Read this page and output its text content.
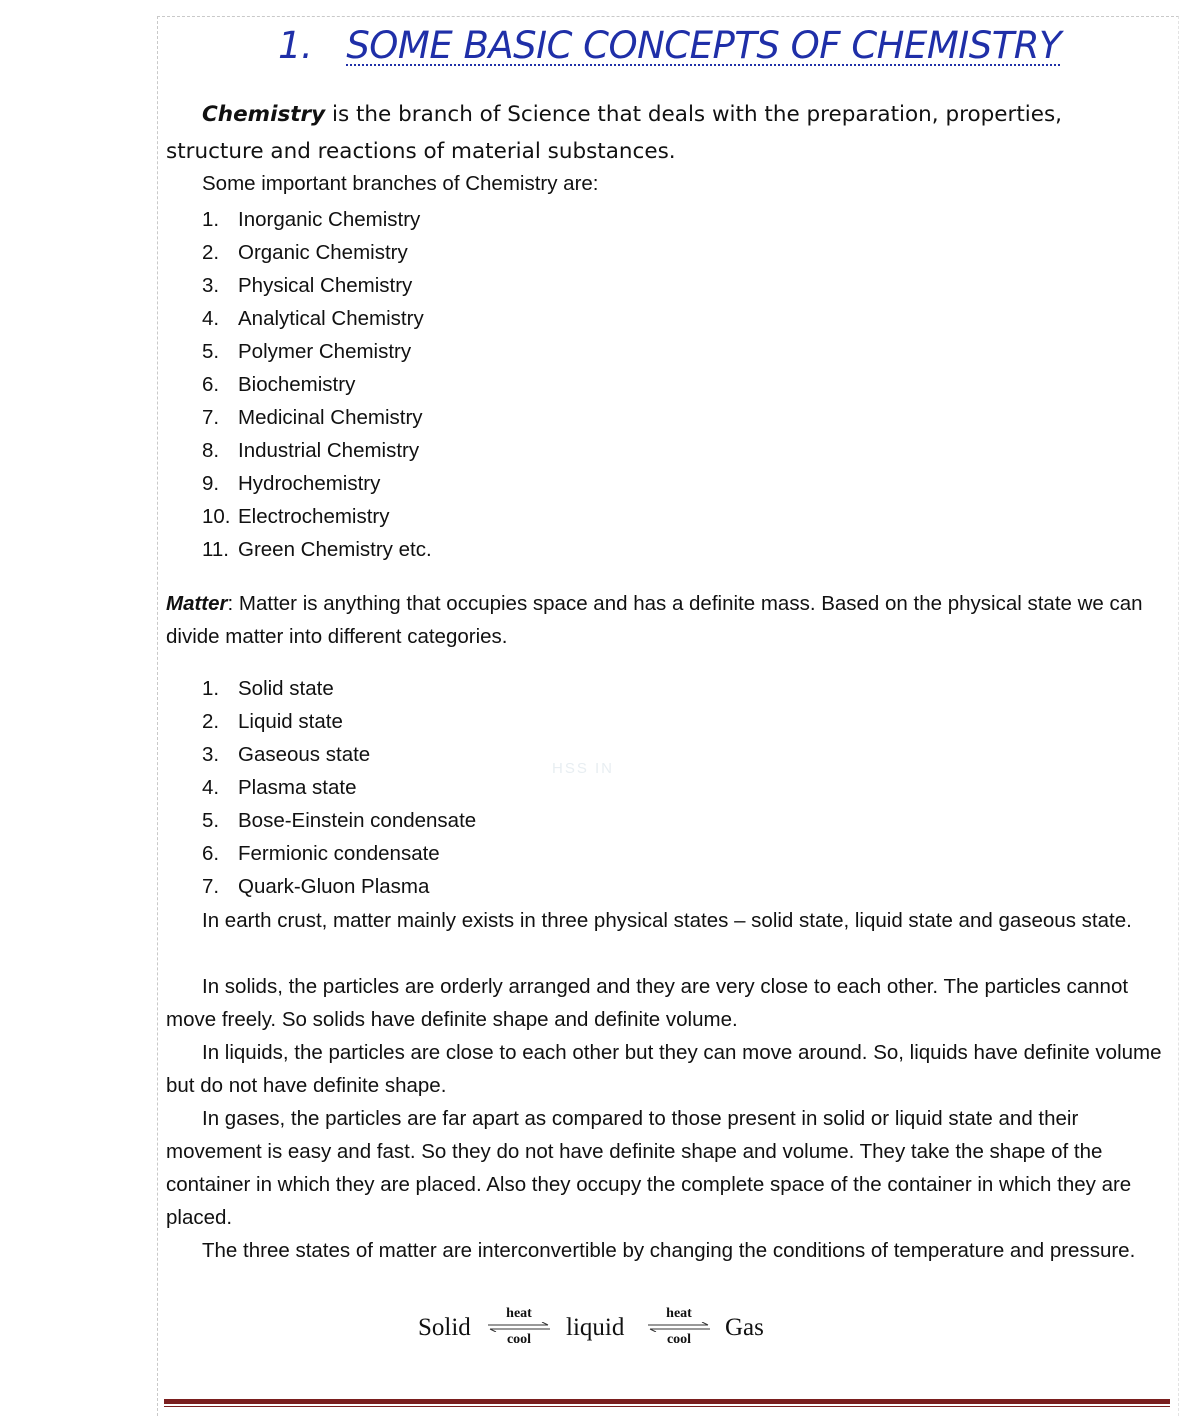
1. SOME BASIC CONCEPTS OF CHEMISTRY

Chemistry is the branch of Science that deals with the preparation, properties, structure and reactions of material substances.

Some important branches of Chemistry are:

1. Inorganic Chemistry
2. Organic Chemistry
3. Physical Chemistry
4. Analytical Chemistry
5. Polymer Chemistry
6. Biochemistry
7. Medicinal Chemistry
8. Industrial Chemistry
9. Hydrochemistry
10. Electrochemistry
11. Green Chemistry etc.

Matter: Matter is anything that occupies space and has a definite mass. Based on the physical state we can divide matter into different categories.

1. Solid state
2. Liquid state
3. Gaseous state
4. Plasma state
5. Bose-Einstein condensate
6. Fermionic condensate
7. Quark-Gluon Plasma
HSS IN

In earth crust, matter mainly exists in three physical states – solid state, liquid state and gaseous state.

In solids, the particles are orderly arranged and they are very close to each other. The particles cannot move freely. So solids have definite shape and definite volume.

In liquids, the particles are close to each other but they can move around. So, liquids have definite volume but do not have definite shape.

In gases, the particles are far apart as compared to those present in solid or liquid state and their movement is easy and fast. So they do not have definite shape and volume. They take the shape of the container in which they are placed. Also they occupy the complete space of the container in which they are placed.

The three states of matter are interconvertible by changing the conditions of temperature and pressure.

Solid
heat
cool	liquid
heat
cool	Gas
